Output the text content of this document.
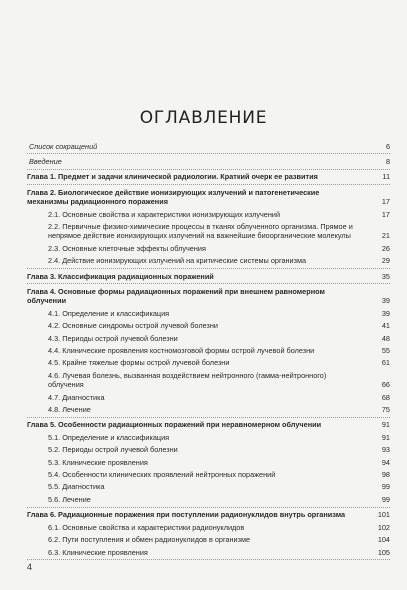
ОГЛАВЛЕНИЕ
Список сокращений	6
Введение	8
Глава 1. Предмет и задачи клинической радиологии. Краткий очерк ее развития	11
Глава 2. Биологическое действие ионизирующих излучений и патогенетические механизмы радиационного поражения	17
2.1. Основные свойства и характеристики ионизирующих излучений	17
2.2. Первичные физико-химические процессы в тканях облученного организма. Прямое и непрямое действие ионизирующих излучений на важнейшие биоорганические молекулы	21
2.3. Основные клеточные эффекты облучения	26
2.4. Действие ионизирующих излучений на критические системы организма	29
Глава 3. Классификация радиационных поражений	35
Глава 4. Основные формы радиационных поражений при внешнем равномерном облучении	39
4.1. Определение и классификация	39
4.2. Основные синдромы острой лучевой болезни	41
4.3. Периоды острой лучевой болезни	48
4.4. Клинические проявления костномозговой формы острой лучевой болезни	55
4.5. Крайне тяжелые формы острой лучевой болезни	61
4.6. Лучевая болезнь, вызванная воздействием нейтронного (гамма-нейтронного) облучения	66
4.7. Диагностика	68
4.8. Лечение	75
Глава 5. Особенности радиационных поражений при неравномерном облучении	91
5.1. Определение и классификация	91
5.2. Периоды острой лучевой болезни	93
5.3. Клинические проявления	94
5.4. Особенности клинических проявлений нейтронных поражений	98
5.5. Диагностика	99
5.6. Лечение	99
Глава 6. Радиационные поражения при поступлении радионуклидов внутрь организма	101
6.1. Основные свойства и характеристики радионуклидов	102
6.2. Пути поступления и обмен радионуклидов в организме	104
6.3. Клинические проявления	105
4
